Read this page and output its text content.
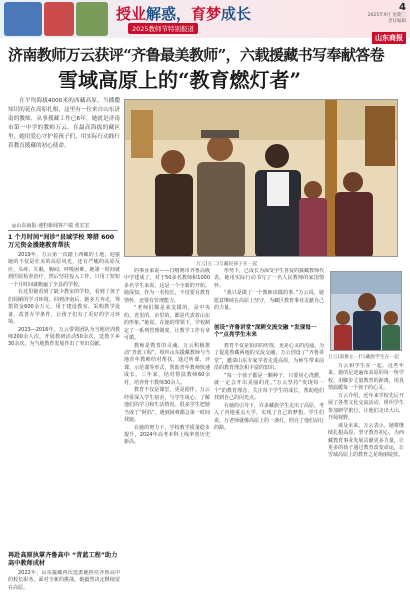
授业解惑，育梦成长
2025教师节特别报道
4
2025年9月 星期三
责任编辑
山东商报
济南教师万云获评“齐鲁最美教师”，六载援藏书写奉献答卷
雪域高原上的“教育燃灯者”
在平均海拔4000米的西藏高原，当播撒知识的花在高原扎根，这里有一位来自山东济南的教师，从事援藏工作已6年，她就是济南市第一中学的教师万云。在最高海拔的藏区里，她用爱心守护着孩子们，用实际行动践行着教育援藏的初心使命。
◎山东商报·速豹新闻客户端 张宏宏
1 个月时间“间诊”县域学校 筹措 600 万元资金援建教育帮扶

2019年，万云第一次踏上西藏的土地，迎接她的不仅是壮美的高原风光，还有严峻的高原反应。头疼、失眠、胸闷、呼吸困难，她第一时间就到医院检查治疗，然后坚持投入工作，只用了短短一个月时间就跑遍了全县的学校。

在这里她看到了缺少教室的学校，看到了孩子们简陋的学习环境。回到济南后，她多方奔走，筹措资金600余万元，用于建设教室、采购教学设备，改善办学条件，让孩子们有了更好的学习环境。

2023—2016年，万云带领团队为当地培训教师200余人次，开展教研活动50余次，送教下乡30余次，为当地教育发展作出了突出贡献。

再赴高原执掌齐鲁高中 “青蓝工程”助力高中教师成材

2022年，山东援藏再次选派她担任齐鲁高中的校长职务。面对全新的挑战，她毅然决定继续留在高原。

万云(左二)与藏民孩子在一起

的事业来说——日喀则市齐鲁高级中学建成了，对于50多名教师和1000多名学生来说，这是一个全新的开始。她深知，作为一名校长，不仅要有教育情怀，还要有管理能力。

“老师们都是来支援的，是中央的、省里的、市里的，都是代表着山东的形象。”她说。在她的带领下，学校制定了一系列管理制度，让教学工作有章可循。

教师是教育的灵魂。万云积极推动“青蓝工程”，组织山东援藏教师与当地青年教师结对帮扶，通过听课、评课、示范课等形式，帮助青年教师快速成长。三年来，结对帮扶教师60余对，培养骨干教师30余人。

教育不仅是课堂，更是陪伴。万云经常深入学生宿舍，与学生谈心，了解他们的学习和生活情况。很多学生把她当成了“阿妈”，遇到困难都会第一时间找她。

在她的努力下，学校教学质量稳步提升，2024年高考本科上线率创历史新高。

形势下，已成长为深受学生喜爱的援藏教师代表。她用实际行动书写了一名人民教师的家国情怀。

“我只是做了一个教师该做的事。”万云说，她愿意继续在高原上坚守，为藏区教育事业贡献自己的力量。

创设“齐鲁讲堂”深耕交流交融 “发现每一个”点亮学生未来

教育不仅是知识的传授，更是心灵的沟通。为了促进鲁藏两地的交流交融，万云创设了“齐鲁讲堂”，邀请山东专家学者走进高原，为师生带来前沿的教育理念和丰富的知识。

“每一个孩子都是一颗种子，只要用心浇灌，就一定会开出美丽的花。”万云坚持“发现每一个”的教育理念，关注每个学生的成长，帮助他们找到自己的闪光点。

在她的引导下，许多藏族学生走出了高原，考入了内地重点大学，实现了自己的梦想。学生们说，万老师就像高原上的一盏灯，照亮了他们前行的路。

万云(前排左一)与藏族学生在一起

万云和学生在一起。这些年来，她的足迹遍布高原的每一所学校，用脚步丈量教育的距离，用真情温暖每一个孩子的心灵。

万云介绍，近年来学校先后开展了各类文化交流活动，组织学生参加研学旅行，让他们走出大山，开阔视野。

谈及未来，万云表示，她将继续扎根高原，坚守教育初心，为西藏教育事业发展贡献更多力量，让更多的孩子通过教育改变命运，让雪域高原上的教育之花绚丽绽放。
